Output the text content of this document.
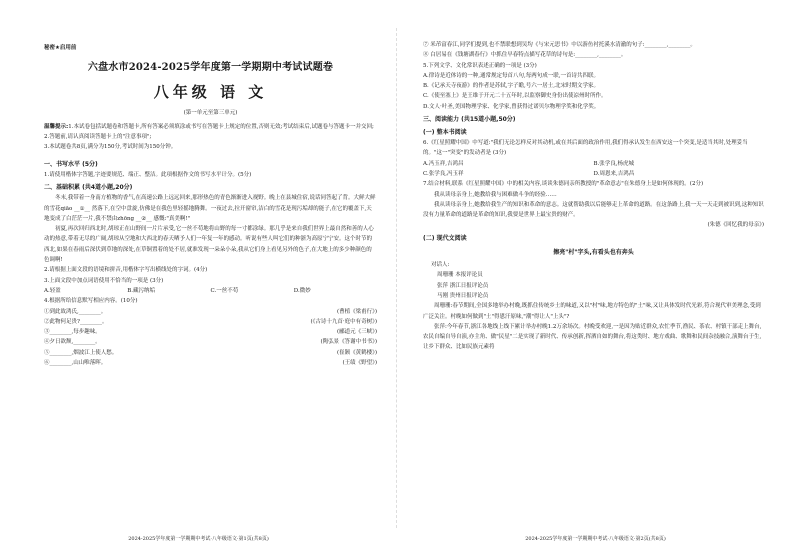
秘密★启用前
六盘水市2024-2025学年度第一学期期中考试试题卷
八年级 语 文
(第一单元至第三单元)
温馨提示:1.本试卷包括试题卷和答题卡,所有答案必须填涂或书写在答题卡上规定的位置,否则无效;考试结束后,试题卷与答题卡一并交回;
2.答题前,请认真阅读答题卡上的"注意事项";
3.本试题卷共8页,满分为150分,考试时间为150分钟。
一、书写水平 (5分)
1.请使用楷体字答题,字迹要规范、端正、整洁。此项根据作文的书写水平计分。(5分)
二、基础积累 (共4道小题,20分)
冬末,我带着一身南方植物的香气,在高速公路上远远回来,那形热色的青色渐渐进入视野。晚上在县城住宿,说话同答起了背。大鲜大鲜的雪花qiāo __①__ 然落下,在空中盘旋,仿佛是在我色里轻摇地腾舞。一夜过去,拉开窗帘,洁白的雪花是现污垢却的能子,在它的覆盖下,天地变成了白茫茫一片,我不禁由zhōng __②__ 感慨:"真美啊!"
初夏,再次回归西北时,胡琼正在山野间一片片承受,它一丝不苟地将山野的每一寸都涂绿。那几乎是来自我们世界上最自然和善的人心动的热意,带着无尽的广阔,胡琼从空地和大西北的春天晒予人们一年复一年的感动。听说有些人叫它们的种浙为高原宁宁安。这个时节的西北,如果在春雨后深伏到草地的深处,在草铜置着的处不居,就准发现一朵朵小朵,我从它们身上看见另外的色子,在大地上的多少种颜色的色调啊!
2.请根据上面文段的语境和拼音,用楷体字写出横线处的字词。(4分)
3.上面文段中加点词语使用不恰当的一项是 (3分)
A.轻盈	B.藏污纳垢	C.一丝不苟	D.微妙
4.根据所给信息默写相应内容。(10分)
①到此故鸿氏,________。	(曹植《梁甫行》)
②此物何足贵?________。	(《古诗十九首·庭中有奇树》)
③________,每步趣味。	(郦道元《三峡》)
④夕日欲颓,________。	(陶弘景《答谢中书书》)
⑤________,烟波江上使人愁。	(崔颢《黄鹤楼》)
⑥________,山山唯落晖。	(王绩《野望》)
2024-2025学年度第一学期期中考试·八年级语文·第1页(共8页)
⑦ 米芾富春江,同学们提到,也不禁联想到吴均《与宋元思书》中以游鱼衬托溪水清澈的句子:________,________。
⑧ 白居易在《钱塘湖春行》中抓住早春特点描写花草的诗句是:________,________。
5.下列文学、文化常识表述正确的一项是 (3分)
A.律诗是近体诗的一种,通常规定每首八句,每两句成一联,一首诗共四联。
B.《记承天寺夜游》的作者是苏轼,字子瞻,号六一居士,北宋时期文学家。
C.《使至塞上》是王维于开元二十五年时,以监察御史身份出使凉州时所作。
D.文人·叶圣,美国物理学家、化学家,曾获得过诺贝尔物理学奖和化学奖。
三、阅读能力 (共15道小题,50分)
(一) 整本书阅读
6.《红星照耀中国》中写道:"我们无论怎样反对其动机,或在其后面的政治作用,我们得承认发生在西安这一个突变,是适当其时,处理妥当的。"这一"突变"的发动者是 (3分)
A.冯玉祥,吉鸿昌	B.张学良,杨虎城
C.张学良,冯玉祥	D.周恩来,吉鸿昌
7.结合材料,联系《红星照耀中国》中的相关内容,谈谈朱德同亲所教授的"革命意志"在朱德身上是如何体现的。(2分)
我从读母亲身上,她教给我与困难做斗争的经验……
我从读母亲身上,她教给我生产的知识和革命的意志。这就帮助我以后能够走上革命的道路。在这条路上,我一天一天走到被识到,这种知识没有力量革命的道路是革命的知识,我要是世界上最宝贵的财产。
(朱德《回忆我的母亲》)
(二) 现代文阅读
擦亮"村"字头,有看头也有奔头
对话人:
周珊珊 本报评论员
张萍 浙江日报评论员
马刚 贵州日报评论员
周珊珊:春节期间,全国多地举办村晚,既抓住传统乡土的味道,又以"村"味,地方特色的"土"味,又让具体发时代光彩,符合现代审美理念,受到广泛关注。村晚如何做到"土"得恩汗原味,"潮"得让人"上头"?
张萍:今年春节,浙江各地线上线下累计举办村晚1.2万余场次。村晚受欢迎,一是因为贴近群众,农忙季节,渔民、茶农、村镇干部走上舞台,农民自编自导自演,亦主角、做"民星"二是实现了新时代、传承创新,挥洒自如的舞台,将这类时、地方戏曲、歌舞和民间杂技融合,演舞台于生,让乡下群众、比如民族元素将
2024-2025学年度第一学期期中考试·八年级语文·第2页(共8页)
